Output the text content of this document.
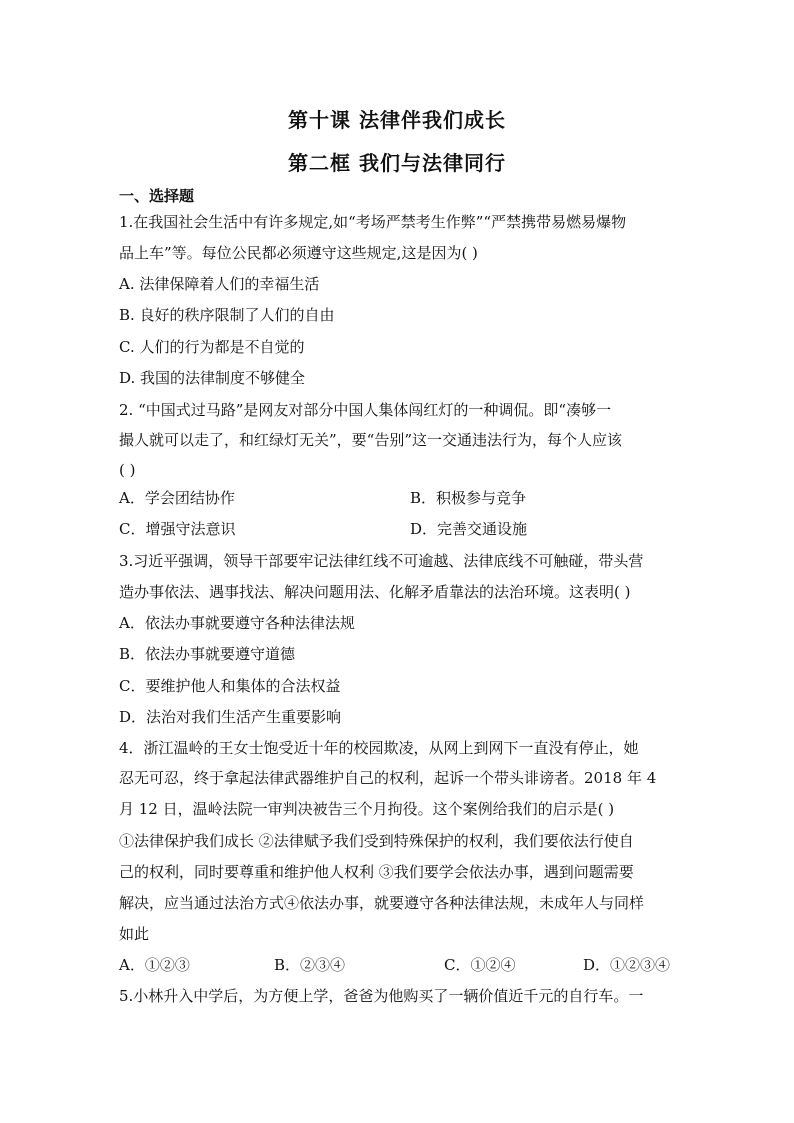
第十课 法律伴我们成长
第二框 我们与法律同行
一、选择题
1.在我国社会生活中有许多规定,如“考场严禁考生作弊”“严禁携带易燃易爆物
品上车”等。每位公民都必须遵守这些规定,这是因为( )
A. 法律保障着人们的幸福生活
B. 良好的秩序限制了人们的自由
C. 人们的行为都是不自觉的
D. 我国的法律制度不够健全
2. “中国式过马路”是网友对部分中国人集体闯红灯的一种调侃。即“凑够一
撮人就可以走了，和红绿灯无关”，要“告别”这一交通违法行为，每个人应该
( )
A．学会团结协作	B．积极参与竞争
C．增强守法意识	D．完善交通设施
3.习近平强调，领导干部要牢记法律红线不可逾越、法律底线不可触碰，带头营
造办事依法、遇事找法、解决问题用法、化解矛盾靠法的法治环境。这表明( )
A．依法办事就要遵守各种法律法规
B．依法办事就要遵守道德
C．要维护他人和集体的合法权益
D．法治对我们生活产生重要影响
4．浙江温岭的王女士饱受近十年的校园欺凌，从网上到网下一直没有停止，她
忍无可忍，终于拿起法律武器维护自己的权利，起诉一个带头诽谤者。2018 年 4
月 12 日，温岭法院一审判决被告三个月拘役。这个案例给我们的启示是( )
①法律保护我们成长 ②法律赋予我们受到特殊保护的权利，我们要依法行使自
己的权利，同时要尊重和维护他人权利 ③我们要学会依法办事，遇到问题需要
解决，应当通过法治方式④依法办事，就要遵守各种法律法规，未成年人与同样
如此
A．①②③	B．②③④	C．①②④	D．①②③④
5.小林升入中学后，为方便上学，爸爸为他购买了一辆价值近千元的自行车。一
